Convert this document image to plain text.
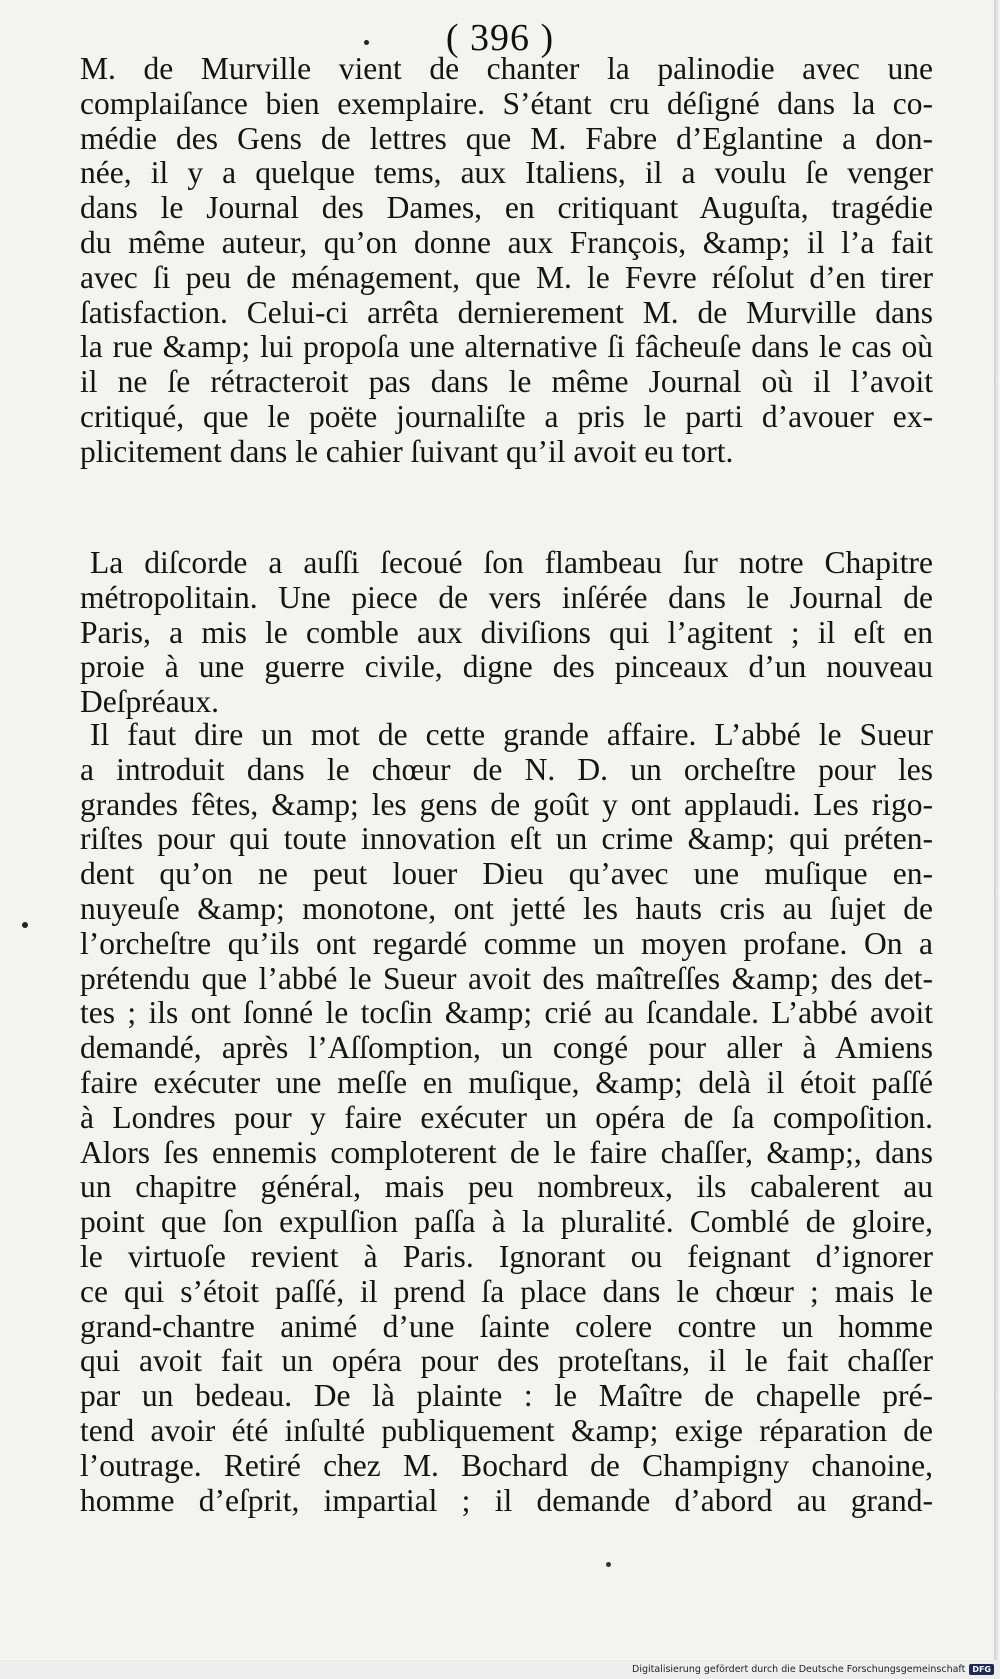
( 396 )
M. de Murville vient de chanter la palinodie avec une
complaiſance bien exemplaire. S’étant cru déſigné dans la co-
médie des Gens de lettres que M. Fabre d’Eglantine a don-
née, il y a quelque tems, aux Italiens, il a voulu ſe venger
dans le Journal des Dames, en critiquant Auguſta, tragédie
du même auteur, qu’on donne aux François, &amp; il l’a fait
avec ſi peu de ménagement, que M. le Fevre réſolut d’en tirer
ſatisfaction. Celui-ci arrêta dernierement M. de Murville dans
la rue &amp; lui propoſa une alternative ſi fâcheuſe dans le cas où
il ne ſe rétracteroit pas dans le même Journal où il l’avoit
critiqué, que le poëte journaliſte a pris le parti d’avouer ex-
plicitement dans le cahier ſuivant qu’il avoit eu tort.
La diſcorde a auſſi ſecoué ſon flambeau ſur notre Chapitre
métropolitain. Une piece de vers inſérée dans le Journal de
Paris, a mis le comble aux diviſions qui l’agitent ; il eſt en
proie à une guerre civile, digne des pinceaux d’un nouveau
Deſpréaux.
Il faut dire un mot de cette grande affaire. L’abbé le Sueur
a introduit dans le chœur de N. D. un orcheſtre pour les
grandes fêtes, &amp; les gens de goût y ont applaudi. Les rigo-
riſtes pour qui toute innovation eſt un crime &amp; qui préten-
dent qu’on ne peut louer Dieu qu’avec une muſique en-
nuyeuſe &amp; monotone, ont jetté les hauts cris au ſujet de
l’orcheſtre qu’ils ont regardé comme un moyen profane. On a
prétendu que l’abbé le Sueur avoit des maîtreſſes &amp; des det-
tes ; ils ont ſonné le tocſin &amp; crié au ſcandale. L’abbé avoit
demandé, après l’Aſſomption, un congé pour aller à Amiens
faire exécuter une meſſe en muſique, &amp; delà il étoit paſſé
à Londres pour y faire exécuter un opéra de ſa compoſition.
Alors ſes ennemis comploterent de le faire chaſſer, &amp;, dans
un chapitre général, mais peu nombreux, ils cabalerent au
point que ſon expulſion paſſa à la pluralité. Comblé de gloire,
le virtuoſe revient à Paris. Ignorant ou feignant d’ignorer
ce qui s’étoit paſſé, il prend ſa place dans le chœur ; mais le
grand-chantre animé d’une ſainte colere contre un homme
qui avoit fait un opéra pour des proteſtans, il le fait chaſſer
par un bedeau. De là plainte : le Maître de chapelle pré-
tend avoir été inſulté publiquement &amp; exige réparation de
l’outrage. Retiré chez M. Bochard de Champigny chanoine,
homme d’eſprit, impartial ; il demande d’abord au grand-
Digitalisierung gefördert durch die Deutsche Forschungsgemeinschaft DFG
